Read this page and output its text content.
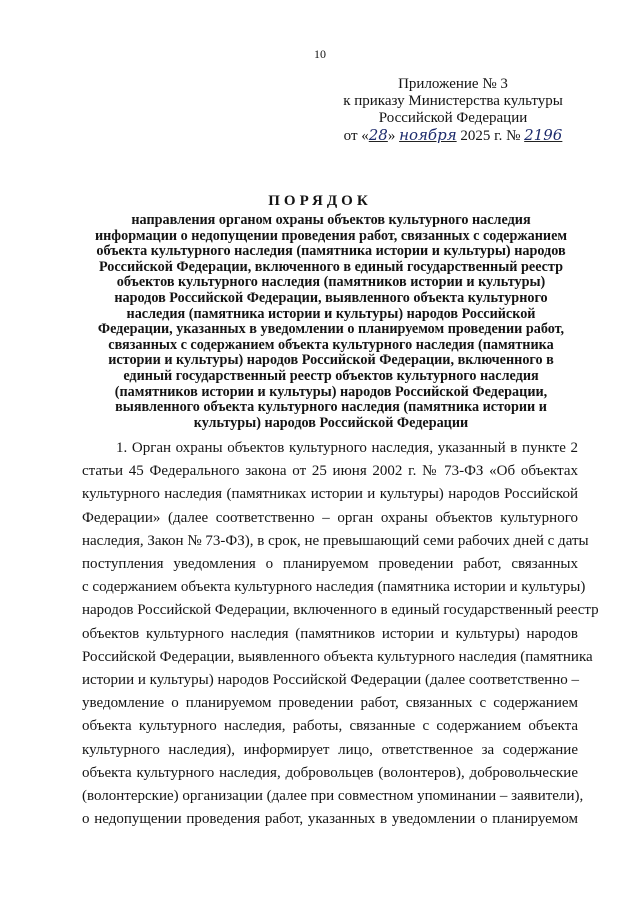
10
Приложение № 3
к приказу Министерства культуры
Российской Федерации
от «28» ноября 2025 г. № 2196
ПОРЯДОК
направления органом охраны объектов культурного наследия
информации о недопущении проведения работ, связанных с содержанием
объекта культурного наследия (памятника истории и культуры) народов
Российской Федерации, включенного в единый государственный реестр
объектов культурного наследия (памятников истории и культуры)
народов Российской Федерации, выявленного объекта культурного
наследия (памятника истории и культуры) народов Российской
Федерации, указанных в уведомлении о планируемом проведении работ,
связанных с содержанием объекта культурного наследия (памятника
истории и культуры) народов Российской Федерации, включенного в
единый государственный реестр объектов культурного наследия
(памятников истории и культуры) народов Российской Федерации,
выявленного объекта культурного наследия (памятника истории и
культуры) народов Российской Федерации
1. Орган охраны объектов культурного наследия, указанный в пункте 2
статьи 45 Федерального закона от 25 июня 2002 г. № 73-ФЗ «Об объектах
культурного наследия (памятниках истории и культуры) народов Российской
Федерации» (далее соответственно – орган охраны объектов культурного
наследия, Закон № 73-ФЗ), в срок, не превышающий семи рабочих дней с даты
поступления уведомления о планируемом проведении работ, связанных
с содержанием объекта культурного наследия (памятника истории и культуры)
народов Российской Федерации, включенного в единый государственный реестр
объектов культурного наследия (памятников истории и культуры) народов
Российской Федерации, выявленного объекта культурного наследия (памятника
истории и культуры) народов Российской Федерации (далее соответственно –
уведомление о планируемом проведении работ, связанных с содержанием
объекта культурного наследия, работы, связанные с содержанием объекта
культурного наследия), информирует лицо, ответственное за содержание
объекта культурного наследия, добровольцев (волонтеров), добровольческие
(волонтерские) организации (далее при совместном упоминании – заявители),
о недопущении проведения работ, указанных в уведомлении о планируемом
